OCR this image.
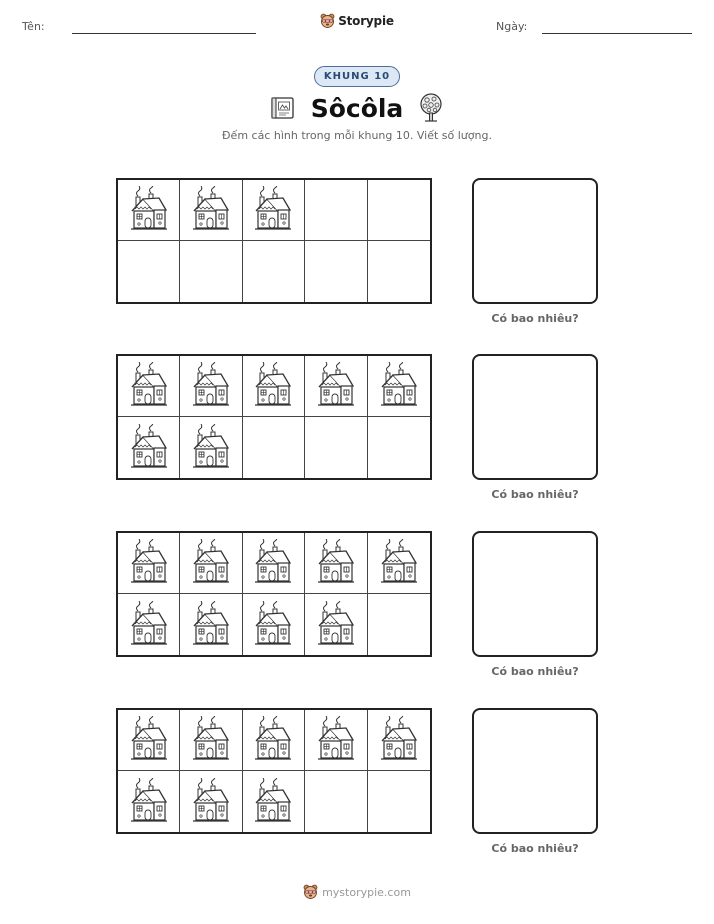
Tên:	Storypie	Ngày:
KHUNG 10
Sôcôla
Đếm các hình trong mỗi khung 10. Viết số lượng.
Có bao nhiêu?
Có bao nhiêu?
Có bao nhiêu?
Có bao nhiêu?
mystorypie.com
